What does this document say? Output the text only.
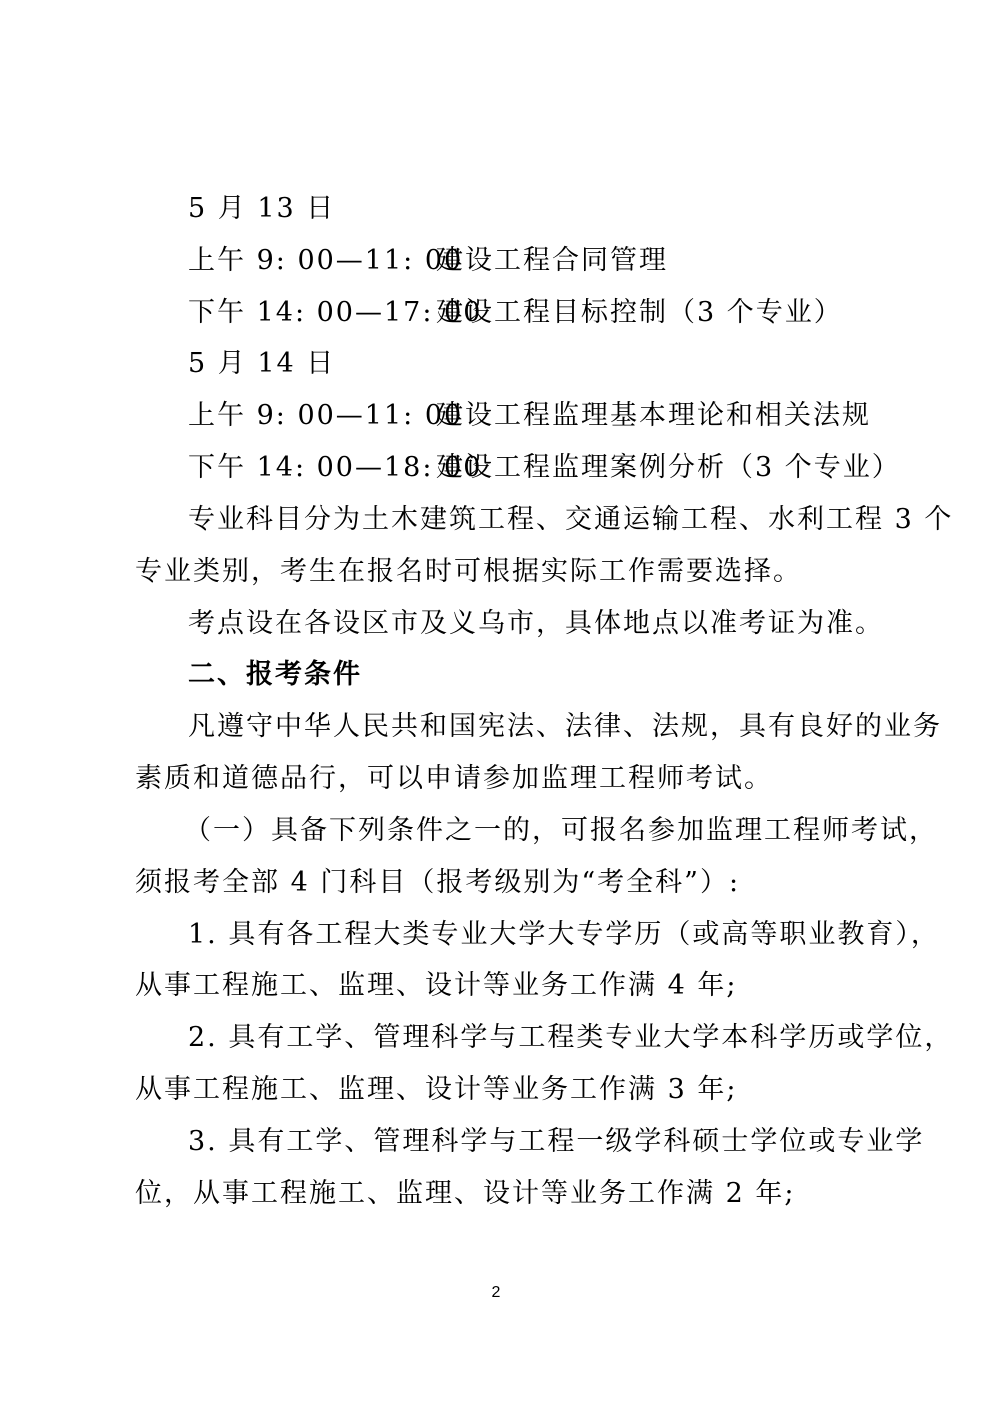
5 月 13 日
上午 9: 00—11: 00建设工程合同管理
下午 14: 00—17: 00建设工程目标控制（3 个专业）
5 月 14 日
上午 9: 00—11: 00建设工程监理基本理论和相关法规
下午 14: 00—18: 00建设工程监理案例分析（3 个专业）
专业科目分为土木建筑工程、交通运输工程、水利工程 3 个
专业类别，考生在报名时可根据实际工作需要选择。
考点设在各设区市及义乌市，具体地点以准考证为准。
二、报考条件
凡遵守中华人民共和国宪法、法律、法规，具有良好的业务
素质和道德品行，可以申请参加监理工程师考试。
（一）具备下列条件之一的，可报名参加监理工程师考试，
须报考全部 4 门科目（报考级别为“考全科”）:
1. 具有各工程大类专业大学大专学历（或高等职业教育），
从事工程施工、监理、设计等业务工作满 4 年;
2. 具有工学、管理科学与工程类专业大学本科学历或学位，
从事工程施工、监理、设计等业务工作满 3 年;
3. 具有工学、管理科学与工程一级学科硕士学位或专业学
位，从事工程施工、监理、设计等业务工作满 2 年;
2
